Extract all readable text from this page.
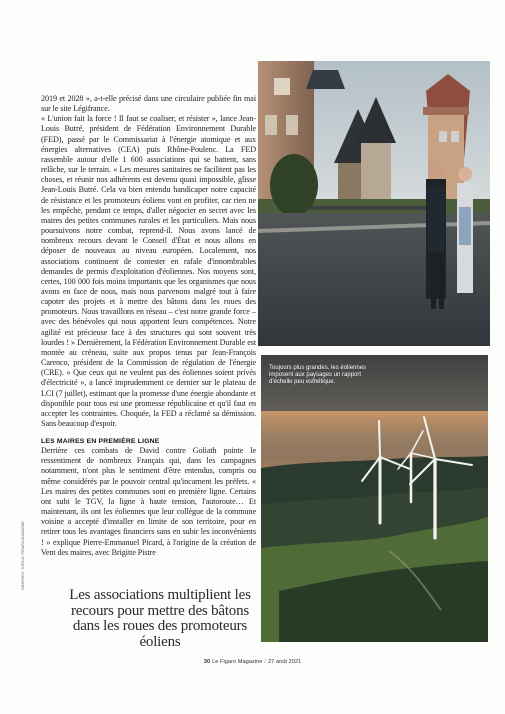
2019 et 2028 », a-t-elle précisé dans une circulaire publiée fin mai sur le site Légifrance.

« L'union fait la force ! Il faut se coaliser, et résister », lance Jean-Louis Butré, président de Fédération Environnement Durable (FED), passé par le Commissariat à l'énergie atomique et aux énergies alternatives (CEA) puis Rhône-Poulenc. La FED rassemble autour d'elle 1 600 associations qui se battent, sans relâche, sur le terrain. « Les mesures sanitaires ne facilitent pas les choses, et réunir nos adhérents est devenu quasi impossible, glisse Jean-Louis Butré. Cela va bien entendu handicaper notre capacité de résistance et les promoteurs éoliens vont en profiter, car rien ne les empêche, pendant ce temps, d'aller négocier en secret avec les maires des petites communes rurales et les particuliers. Mais nous poursuivons notre combat, reprend-il. Nous avons lancé de nombreux recours devant le Conseil d'État et nous allons en déposer de nouveaux au niveau européen. Localement, nos associations continuent de contester en rafale d'innombrables demandes de permis d'exploitation d'éoliennes. Nos moyens sont, certes, 100 000 fois moins importants que les organismes que nous avons en face de nous, mais nous parvenons malgré tout à faire capoter des projets et à mettre des bâtons dans les roues des promoteurs. Nous travaillons en réseau – c'est notre grande force – avec des bénévoles qui nous apportent leurs compétences. Notre agilité est précieuse face à des structures qui sont souvent très lourdes ! » Dernièrement, la Fédération Environnement Durable est montée au créneau, suite aux propos tenus par Jean-François Carenco, président de la Commission de régulation de l'énergie (CRE). « Que ceux qui ne veulent pas des éoliennes soient privés d'électricité », a lancé imprudemment ce dernier sur le plateau de LCI (7 juillet), estimant que la promesse d'une énergie abondante et disponible pour tous est une promesse républicaine et qu'il faut en accepter les contraintes. Choquée, la FED a réclamé sa démission. Sans beaucoup d'espoir.

LES MAIRES EN PREMIÈRE LIGNE

Derrière ces combats de David contre Goliath pointe le ressentiment de nombreux Français qui, dans les campagnes notamment, n'ont plus le sentiment d'être entendus, compris ou même considérés par le pouvoir central qu'incarnent les préfets. « Les maires des petites communes sont en première ligne. Certains ont subi le TGV, la ligne à haute tension, l'autoroute… Et maintenant, ils ont les éoliennes que leur collègue de la commune voisine a accepté d'installer en limite de son territoire, pour en retirer tous les avantages financiers sans en subir les inconvénients ! » explique Pierre-Emmanuel Picard, à l'origine de la création de Vent des maires, avec Brigitte Pistre

Les associations multiplient les recours pour mettre des bâtons dans les roues des promoteurs éoliens
GRAPHICS: TOPICS / FIGARO MAGAZINE
Toujours plus grandes, les éoliennes imposent aux paysages un rapport d'échelle peu esthétique.
30 Le Figaro Magazine / 27 août 2021
